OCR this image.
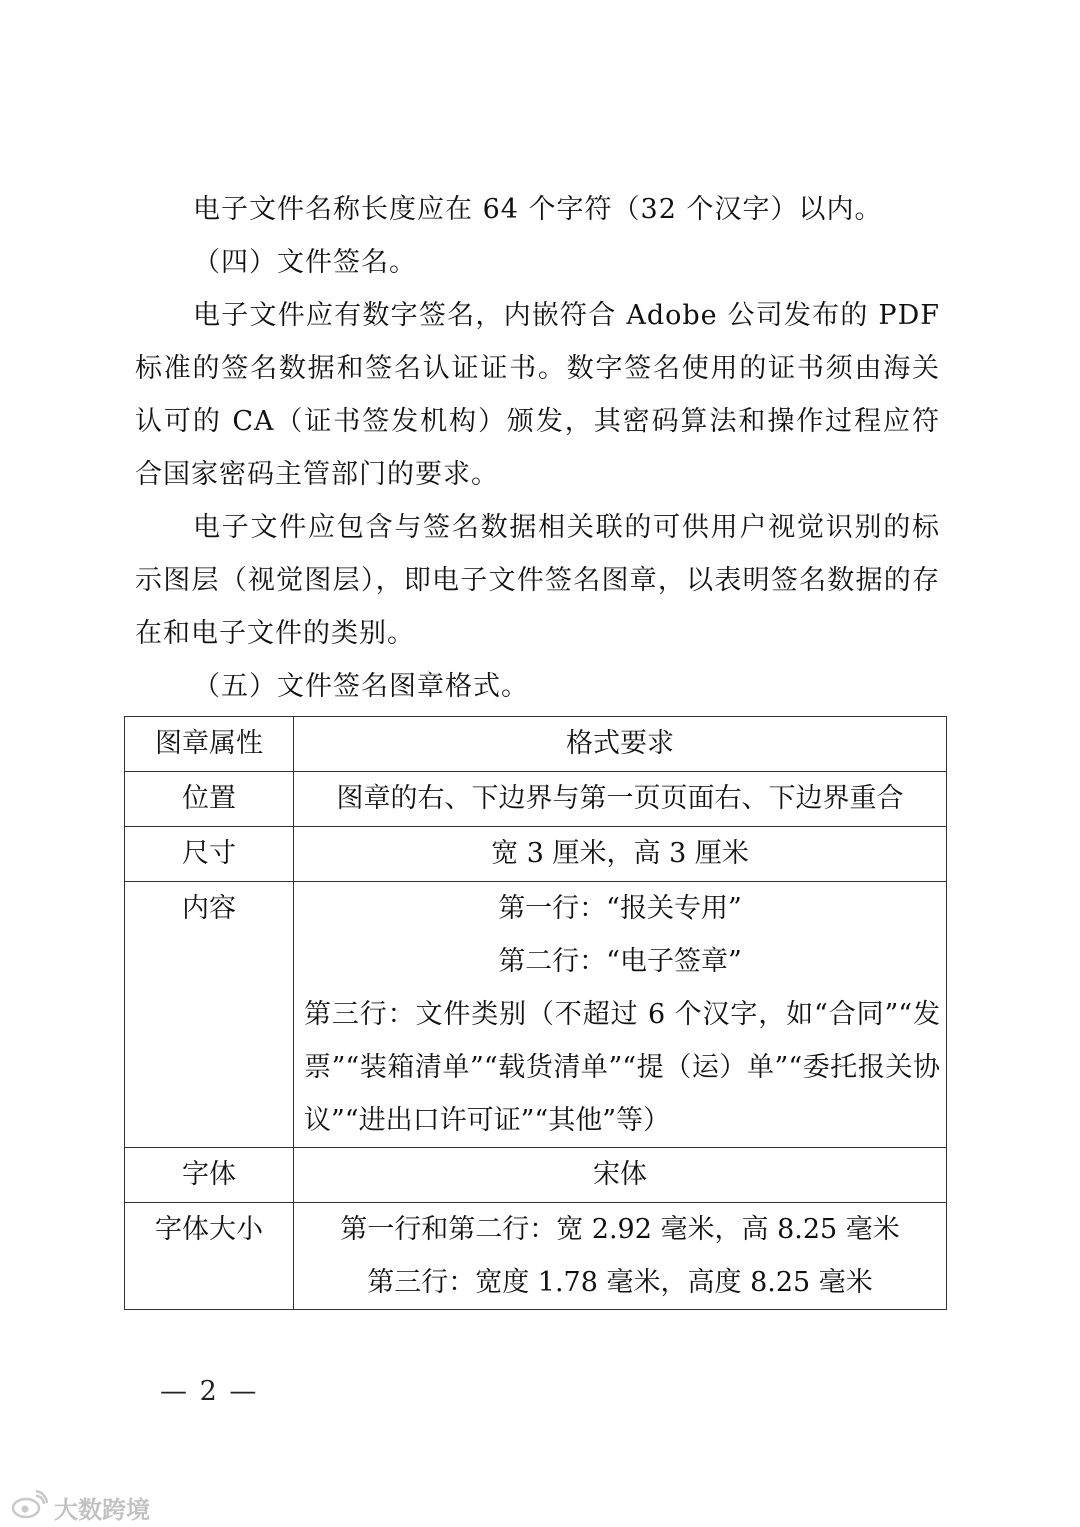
电子文件名称长度应在 64 个字符（32 个汉字）以内。

（四）文件签名。

电子文件应有数字签名，内嵌符合 Adobe 公司发布的 PDF 标准的签名数据和签名认证证书。数字签名使用的证书须由海关认可的 CA（证书签发机构）颁发，其密码算法和操作过程应符合国家密码主管部门的要求。

电子文件应包含与签名数据相关联的可供用户视觉识别的标示图层（视觉图层），即电子文件签名图章，以表明签名数据的存在和电子文件的类别。

（五）文件签名图章格式。

图章属性	格式要求

位置	图章的右、下边界与第一页页面右、下边界重合

尺寸	宽 3 厘米，高 3 厘米

内容	第一行：“报关专用”
第二行：“电子签章”
第三行：文件类别（不超过 6 个汉字，如“合同”“发票”“装箱清单”“载货清单”“提（运）单”“委托报关协议”“进出口许可证”“其他”等）

字体	宋体

字体大小	第一行和第二行：宽 2.92 毫米，高 8.25 毫米
第三行：宽度 1.78 毫米，高度 8.25 毫米
— 2 —
大数跨境
